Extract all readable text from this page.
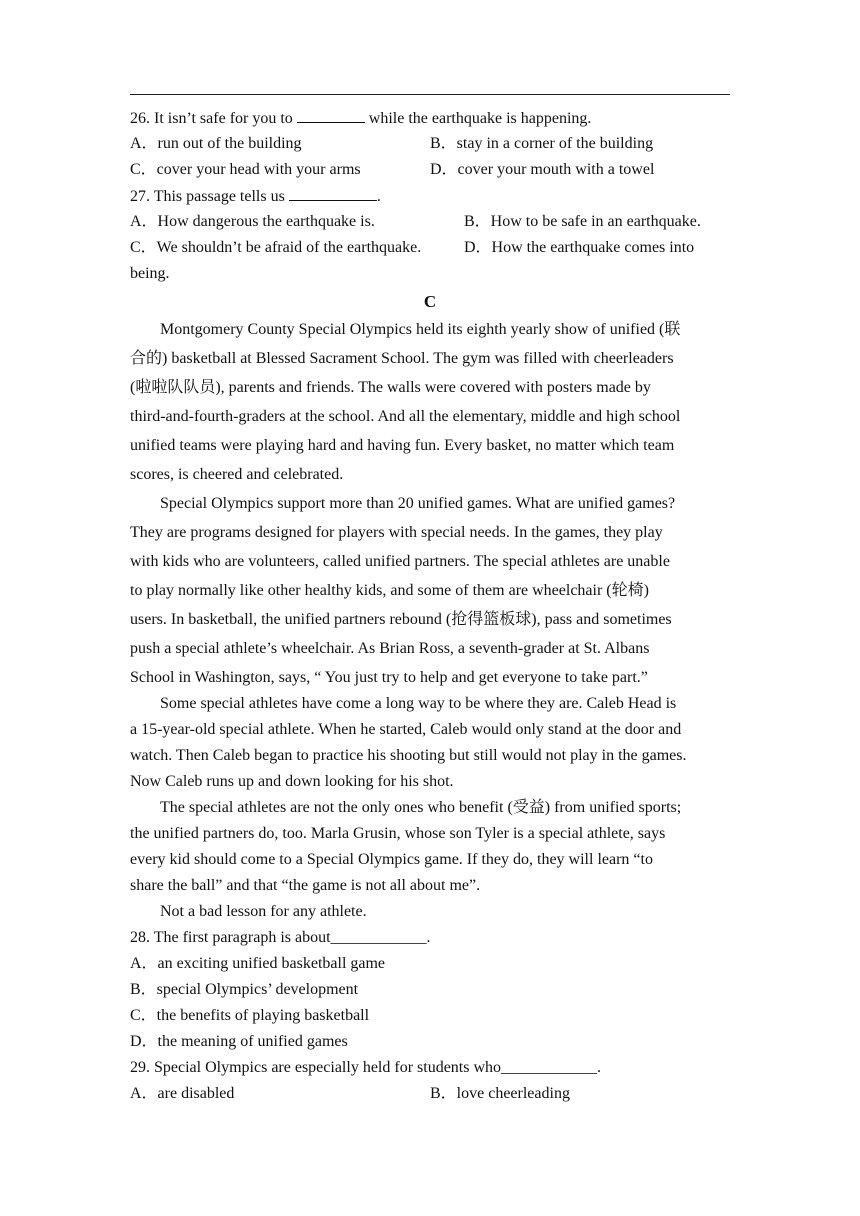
26. It isn’t safe for you to	while the earthquake is happening.
A．run out of the building	B．stay in a corner of the building
C．cover your head with your arms	D．cover your mouth with a towel
27. This passage tells us	.
A．How dangerous the earthquake is.	B．How to be safe in an earthquake.
C．We shouldn’t be afraid of the earthquake.	D．How the earthquake comes into
being.
C
Montgomery County Special Olympics held its eighth yearly show of unified (联
合的) basketball at Blessed Sacrament School. The gym was filled with cheerleaders
(啦啦队队员), parents and friends. The walls were covered with posters made by
third-and-fourth-graders at the school. And all the elementary, middle and high school
unified teams were playing hard and having fun. Every basket, no matter which team
scores, is cheered and celebrated.
Special Olympics support more than 20 unified games. What are unified games?
They are programs designed for players with special needs. In the games, they play
with kids who are volunteers, called unified partners. The special athletes are unable
to play normally like other healthy kids, and some of them are wheelchair (轮椅)
users. In basketball, the unified partners rebound (抢得篮板球), pass and sometimes
push a special athlete’s wheelchair. As Brian Ross, a seventh-grader at St. Albans
School in Washington, says, “ You just try to help and get everyone to take part.”
Some special athletes have come a long way to be where they are. Caleb Head is
a 15-year-old special athlete. When he started, Caleb would only stand at the door and
watch. Then Caleb began to practice his shooting but still would not play in the games.
Now Caleb runs up and down looking for his shot.
The special athletes are not the only ones who benefit (受益) from unified sports;
the unified partners do, too. Marla Grusin, whose son Tyler is a special athlete, says
every kid should come to a Special Olympics game. If they do, they will learn “to
share the ball” and that “the game is not all about me”.
Not a bad lesson for any athlete.
28. The first paragraph is about____________.
A．an exciting unified basketball game
B．special Olympics’ development
C．the benefits of playing basketball
D．the meaning of unified games
29. Special Olympics are especially held for students who____________.
A．are disabled	B．love cheerleading
